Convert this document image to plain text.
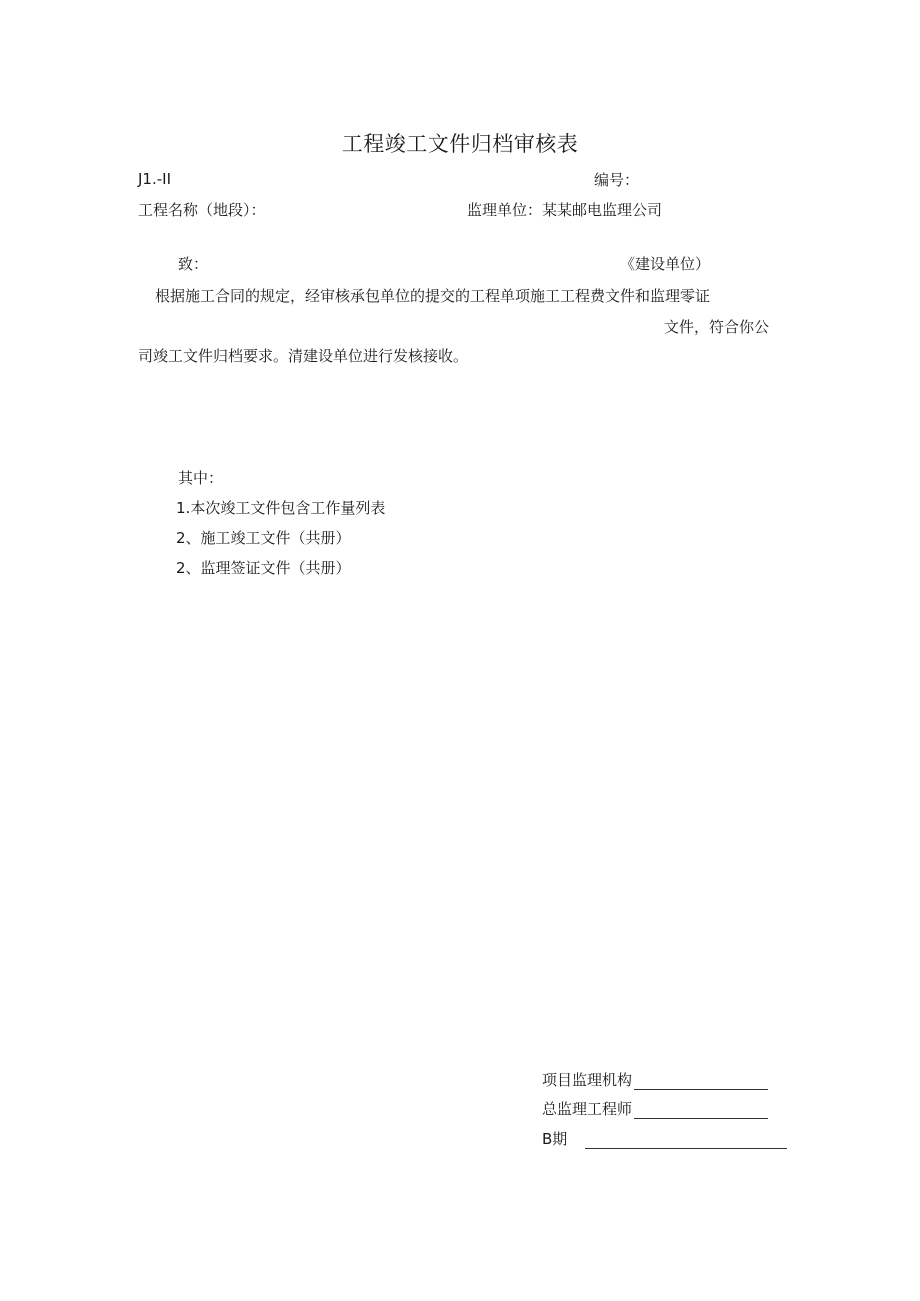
工程竣工文件归档审核表
J1.-II	编号：
工程名称（地段）：	监理单位：某某邮电监理公司
致：	《建设单位）
根据施工合同的规定，经审核承包单位的提交的工程单项施工工程费文件和监理零证
文件，符合你公
司竣工文件归档要求。清建设单位进行发核接收。
其中：
1.本次竣工文件包含工作量列表
2、施工竣工文件（共册）
2、监理签证文件（共册）
项目监理机构
总监理工程师
B期
